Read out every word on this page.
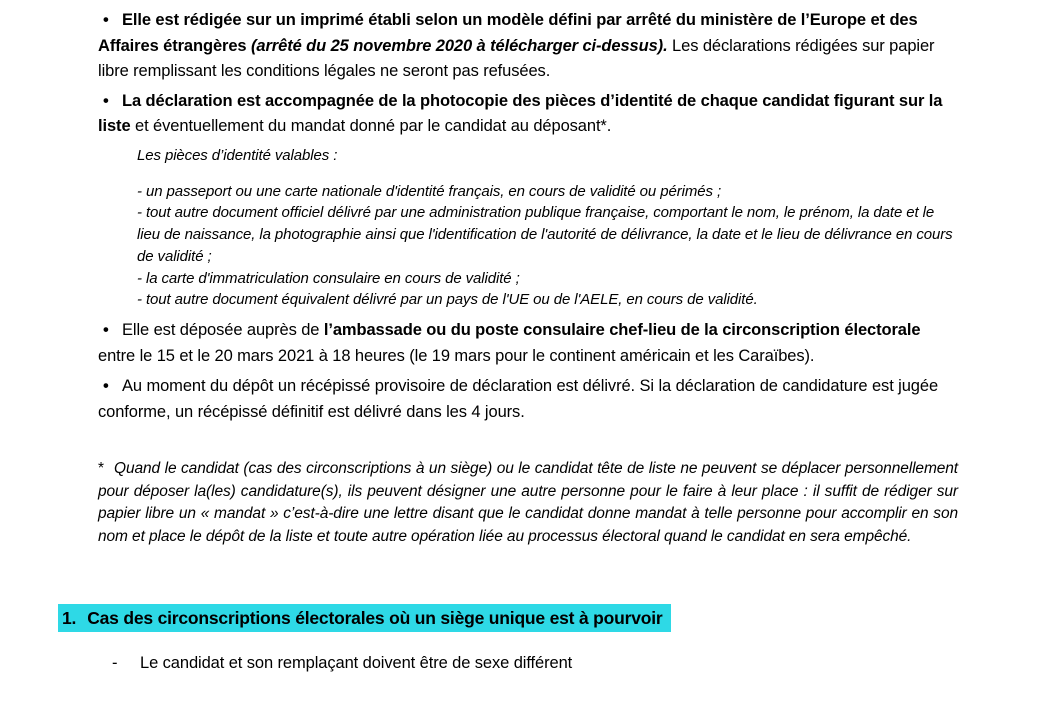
• Elle est rédigée sur un imprimé établi selon un modèle défini par arrêté du ministère de l’Europe et des Affaires étrangères (arrêté du 25 novembre 2020 à télécharger ci-dessus). Les déclarations rédigées sur papier libre remplissant les conditions légales ne seront pas refusées.

• La déclaration est accompagnée de la photocopie des pièces d’identité de chaque candidat figurant sur la liste et éventuellement du mandat donné par le candidat au déposant*.

Les pièces d’identité valables :

- un passeport ou une carte nationale d'identité français, en cours de validité ou périmés ;
- tout autre document officiel délivré par une administration publique française, comportant le nom, le prénom, la date et le lieu de naissance, la photographie ainsi que l'identification de l'autorité de délivrance, la date et le lieu de délivrance en cours de validité ;
- la carte d'immatriculation consulaire en cours de validité ;
- tout autre document équivalent délivré par un pays de l'UE ou de l'AELE, en cours de validité.

• Elle est déposée auprès de l’ambassade ou du poste consulaire chef-lieu de la circonscription électorale entre le 15 et le 20 mars 2021 à 18 heures (le 19 mars pour le continent américain et les Caraïbes).

• Au moment du dépôt un récépissé provisoire de déclaration est délivré. Si la déclaration de candidature est jugée conforme, un récépissé définitif est délivré dans les 4 jours.

* Quand le candidat (cas des circonscriptions à un siège) ou le candidat tête de liste ne peuvent se déplacer personnellement pour déposer la(les) candidature(s), ils peuvent désigner une autre personne pour le faire à leur place : il suffit de rédiger sur papier libre un « mandat » c’est-à-dire une lettre disant que le candidat donne mandat à telle personne pour accomplir en son nom et place le dépôt de la liste et toute autre opération liée au processus électoral quand le candidat en sera empêché.

1. Cas des circonscriptions électorales où un siège unique est à pourvoir

- Le candidat et son remplaçant doivent être de sexe différent
